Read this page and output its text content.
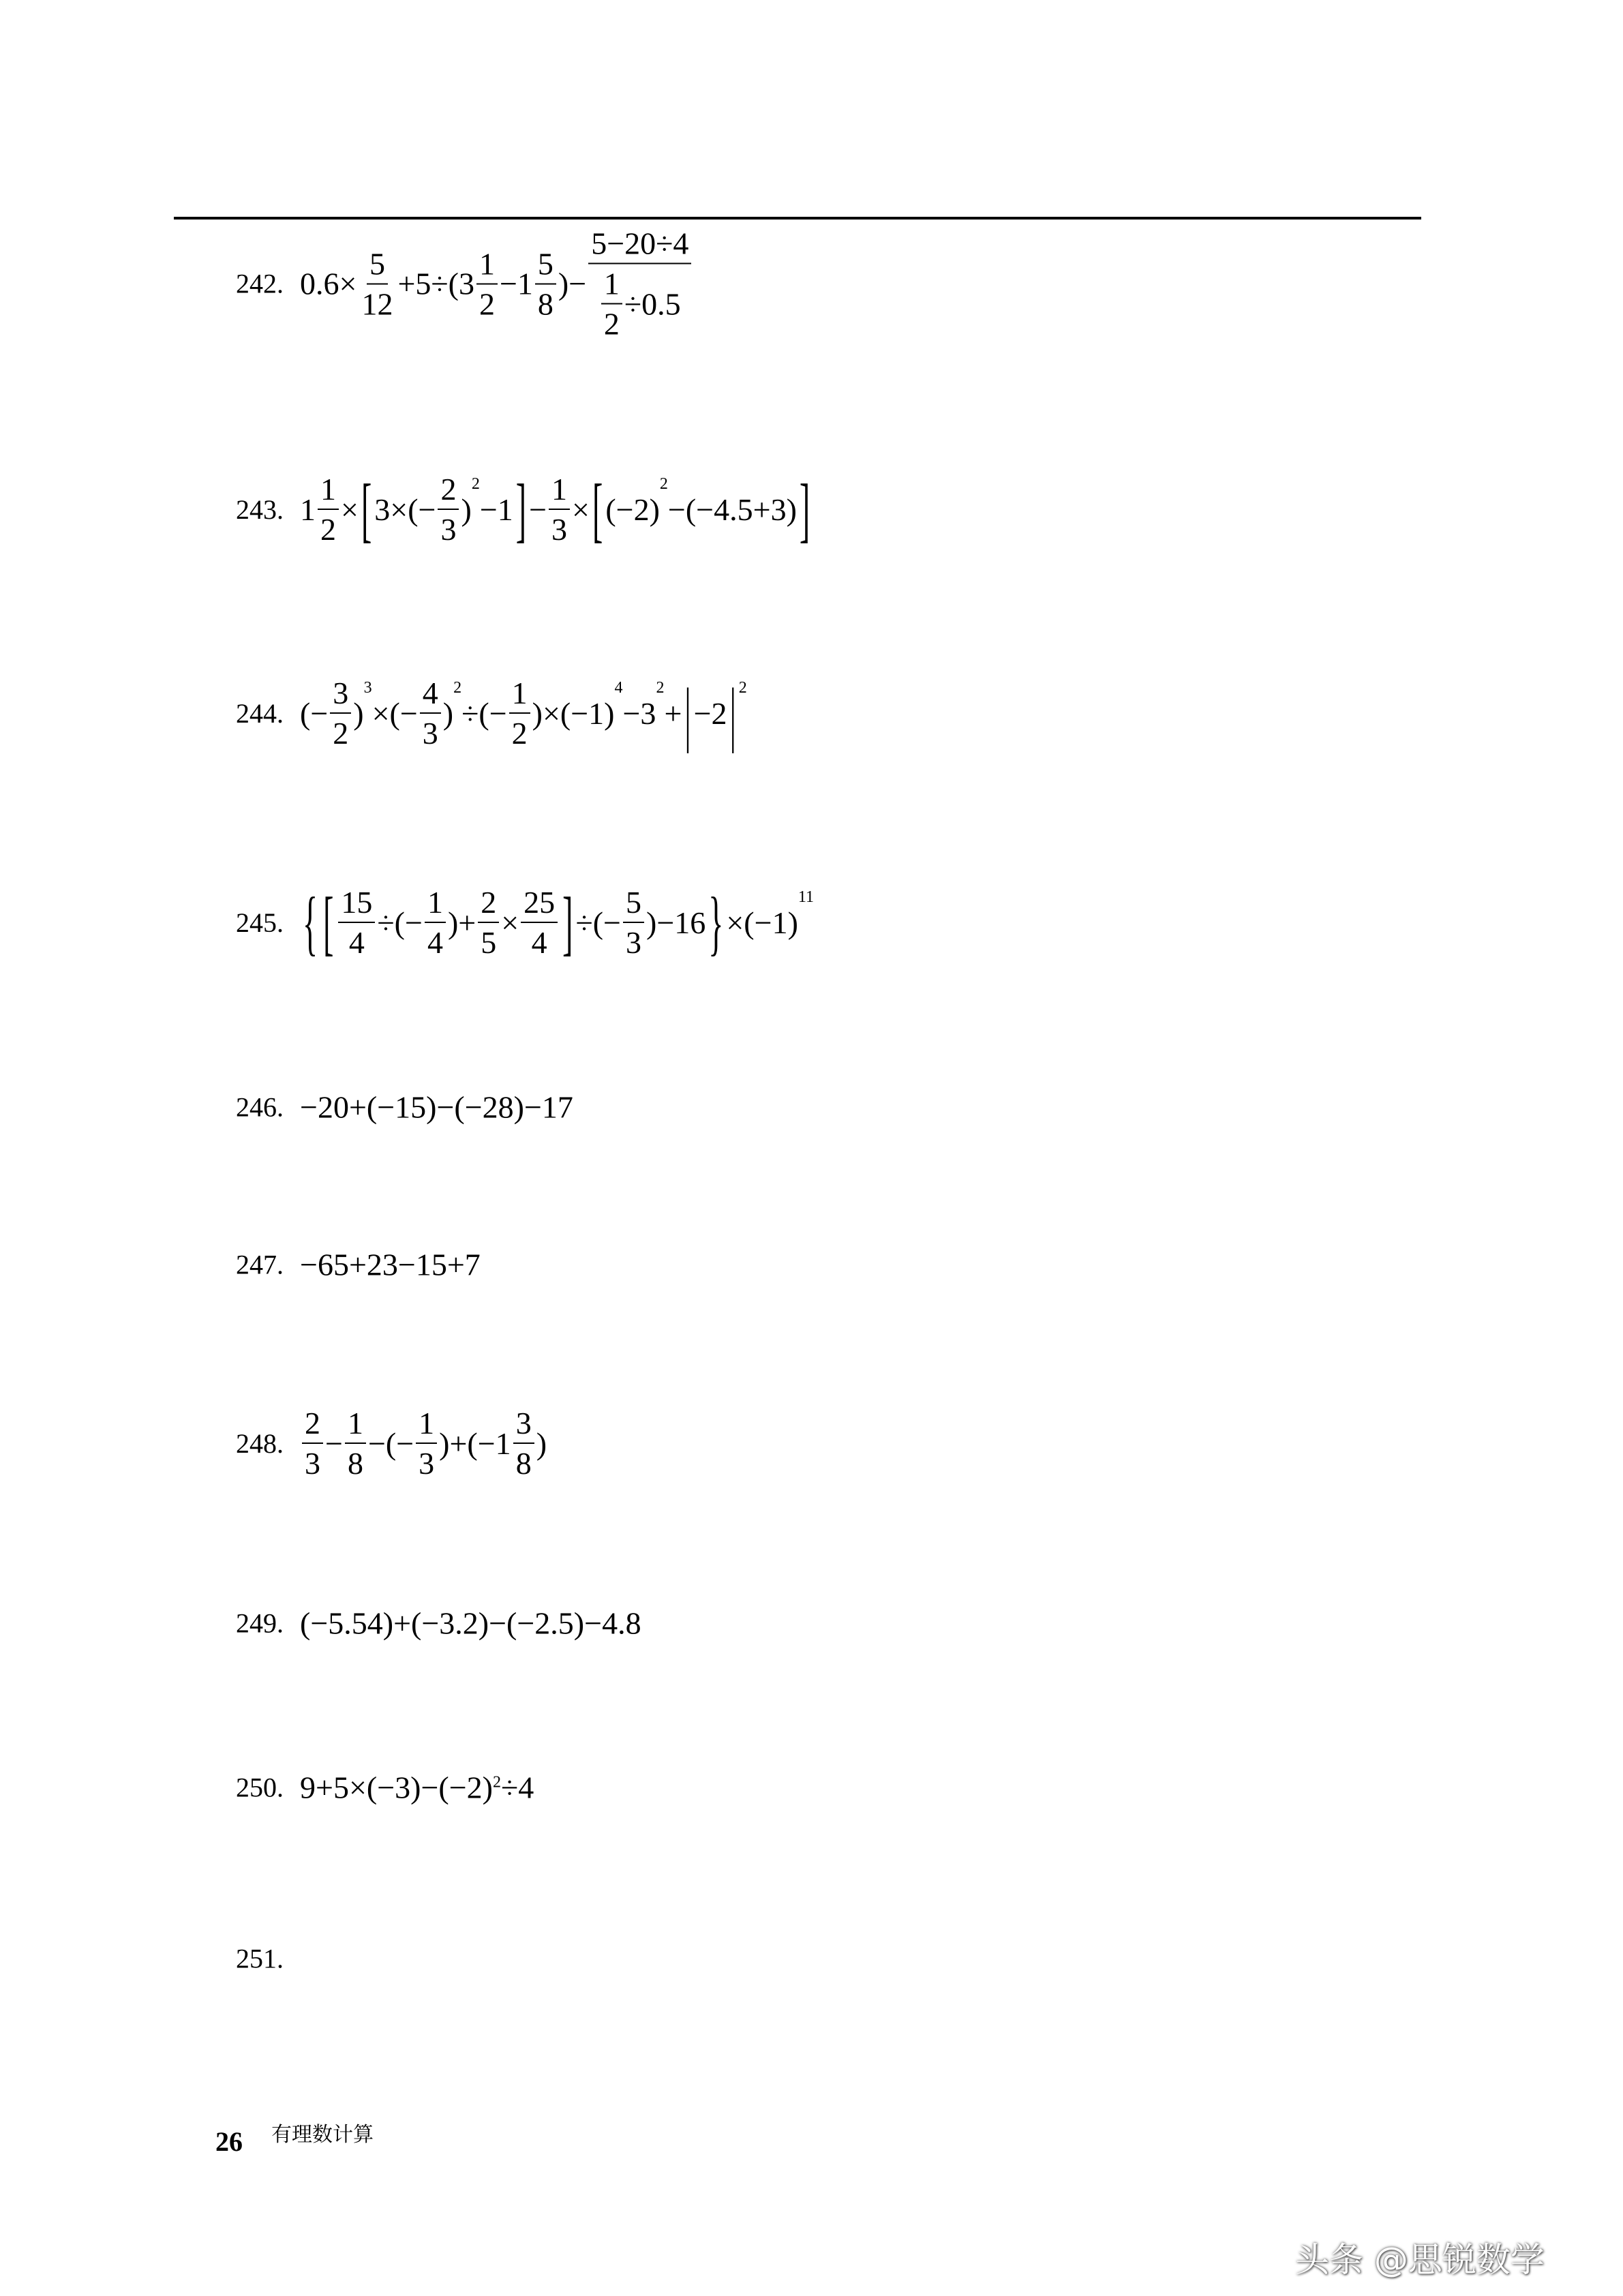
242. $0.6\times \frac{5}{12} +5\div(3 \frac{1}{2} -1 \frac{5}{8}$ )− $\frac{5-20\div 4}{\frac{1}{2} \div 0.5}$
243. $1 \frac{1}{2}$ × [ $3\times(- \frac{2}{3}$ )
2
−1 ] − $\frac{1}{3}$ × [ (−2)
2
−(−4.5+3) ]
244. (− $\frac{3}{2}$ )
3
×(− $\frac{4}{3}$ )
2
÷(− $\frac{1}{2} )\times(-1)$
4
−3
2
+ | −2 | 2
245. { [ $\frac{15}{4}$ ÷(− $\frac{1}{4}$ )+ $\frac{2}{5} \times \frac{25}{4}$ ] ÷(− $\frac{5}{3} )-16$ } ×(−1)
11
246. −20+(−15)−(−28)−17
247. −65+23−15+7
248. $\frac{2}{3} - \frac{1}{8}$ −(− $\frac{1}{3} )+(-1 \frac{3}{8}$ )
249. (−5.54)+(−3.2)−(−2.5)−4.8
250. 9+5×(−3)−(−2) 2 ÷4
251.
26 有理数计算
头条 @思锐数学
